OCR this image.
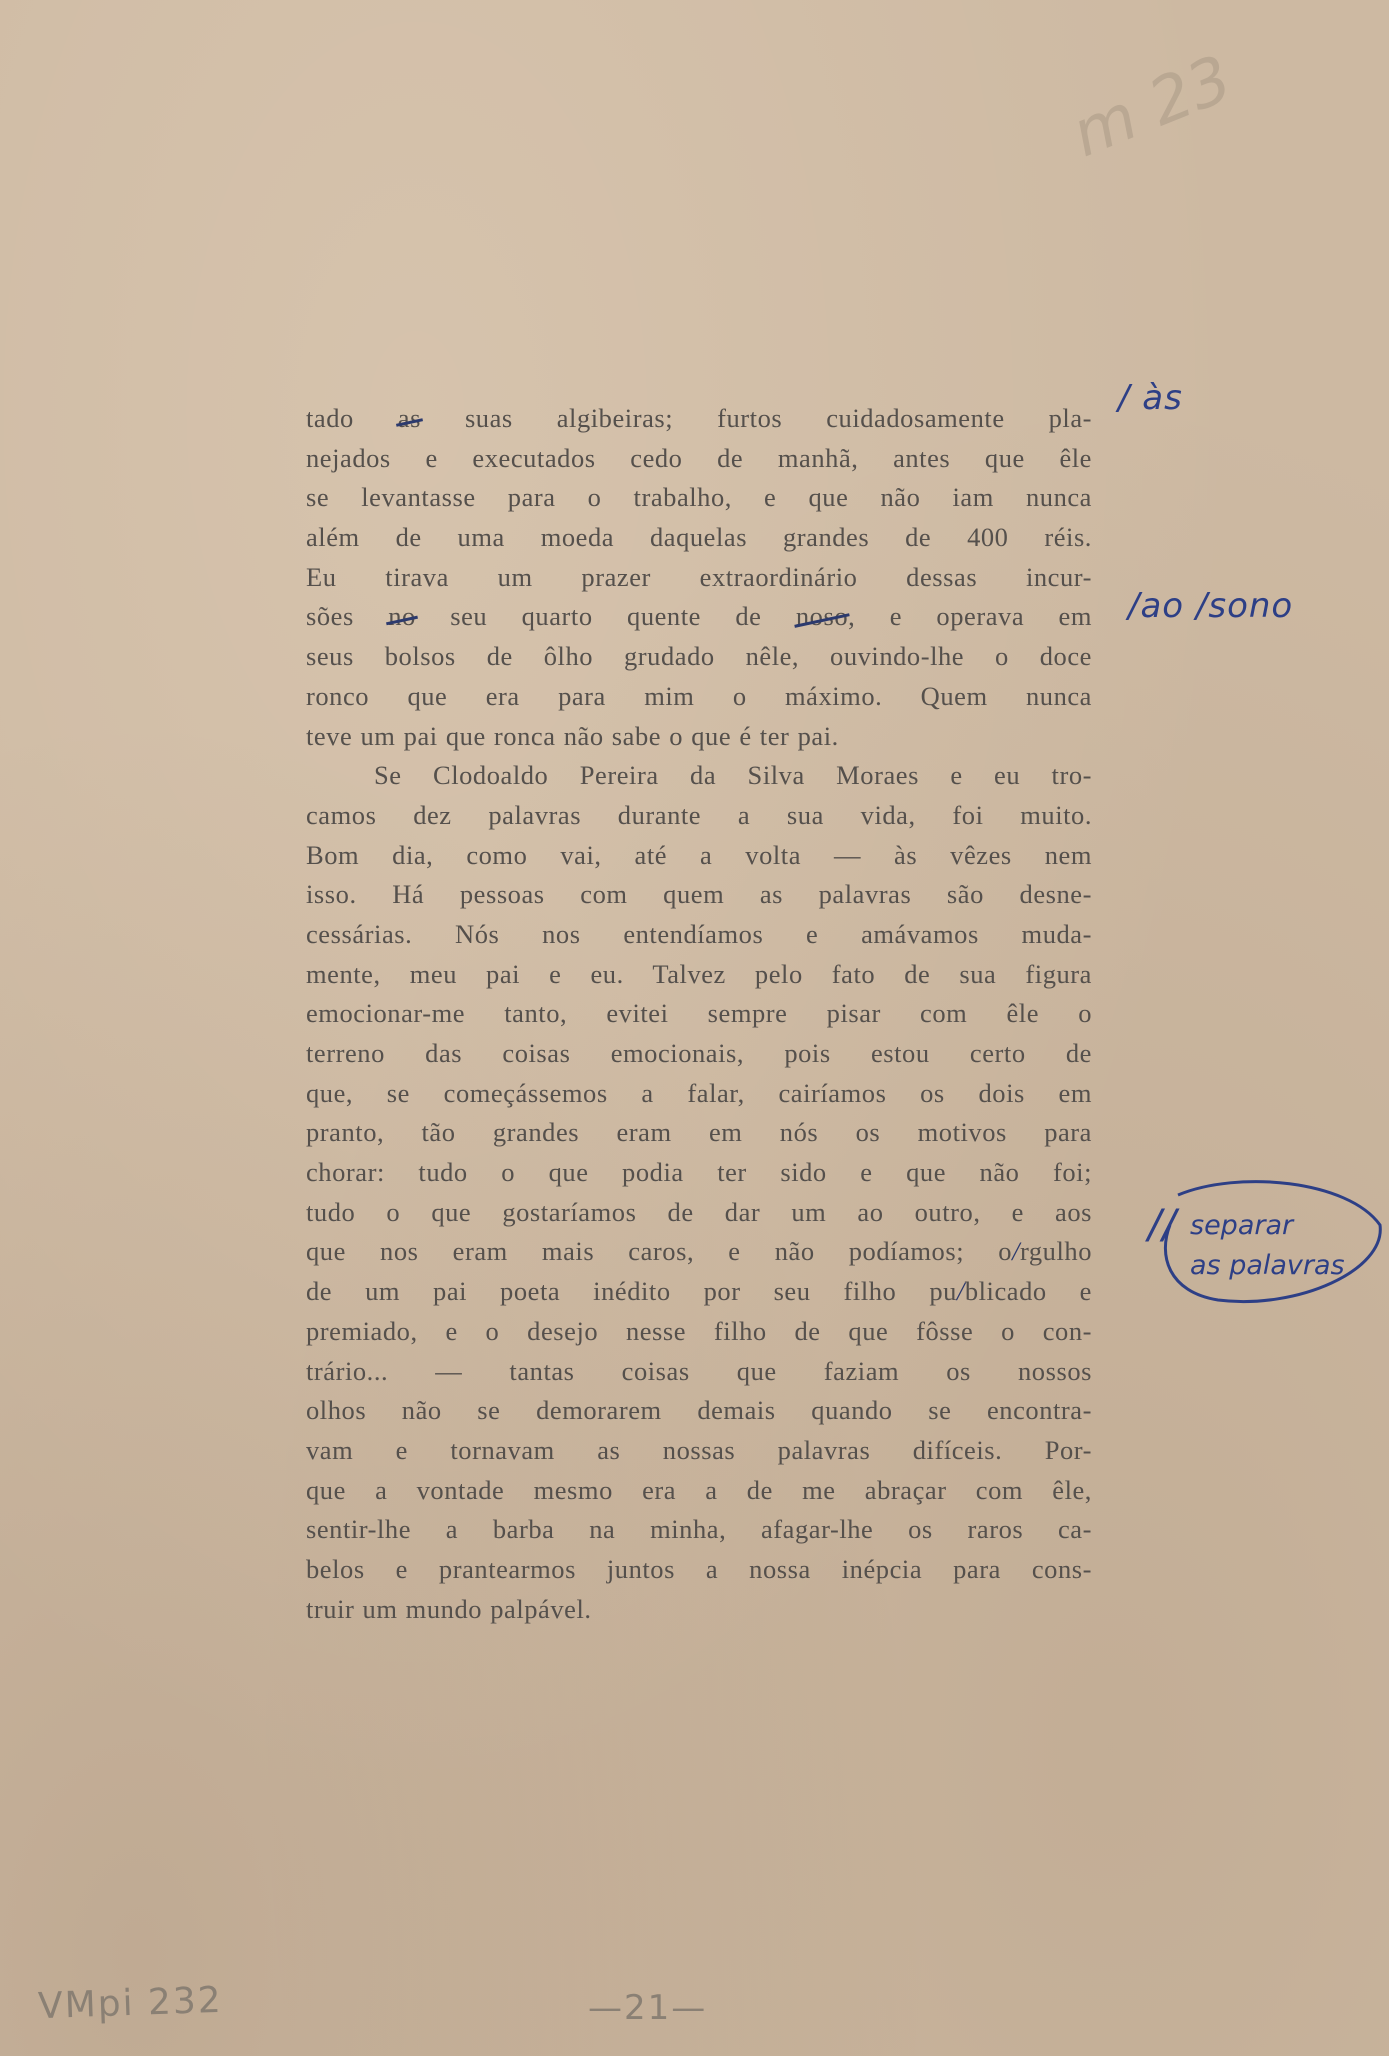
m 23
tado as suas algibeiras; furtos cuidadosamente pla-
nejados e executados cedo de manhã, antes que êle
se levantasse para o trabalho, e que não iam nunca
além de uma moeda daquelas grandes de 400 réis.
Eu tirava um prazer extraordinário dessas incur-
sões no seu quarto quente de noso, e operava em
seus bolsos de ôlho grudado nêle, ouvindo-lhe o doce
ronco que era para mim o máximo. Quem nunca
teve um pai que ronca não sabe o que é ter pai.
Se Clodoaldo Pereira da Silva Moraes e eu tro-
camos dez palavras durante a sua vida, foi muito.
Bom dia, como vai, até a volta — às vêzes nem
isso. Há pessoas com quem as palavras são desne-
cessárias. Nós nos entendíamos e amávamos muda-
mente, meu pai e eu. Talvez pelo fato de sua figura
emocionar-me tanto, evitei sempre pisar com êle o
terreno das coisas emocionais, pois estou certo de
que, se começássemos a falar, cairíamos os dois em
pranto, tão grandes eram em nós os motivos para
chorar: tudo o que podia ter sido e que não foi;
tudo o que gostaríamos de dar um ao outro, e aos
que nos eram mais caros, e não podíamos; o/rgulho
de um pai poeta inédito por seu filho pu/blicado e
premiado, e o desejo nesse filho de que fôsse o con-
trário... — tantas coisas que faziam os nossos
olhos não se demorarem demais quando se encontra-
vam e tornavam as nossas palavras difíceis. Por-
que a vontade mesmo era a de me abraçar com êle,
sentir-lhe a barba na minha, afagar-lhe os raros ca-
belos e prantearmos juntos a nossa inépcia para cons-
truir um mundo palpável.
/ às
/ao /sono
// separar
as palavras
VMpi 232	—21—
